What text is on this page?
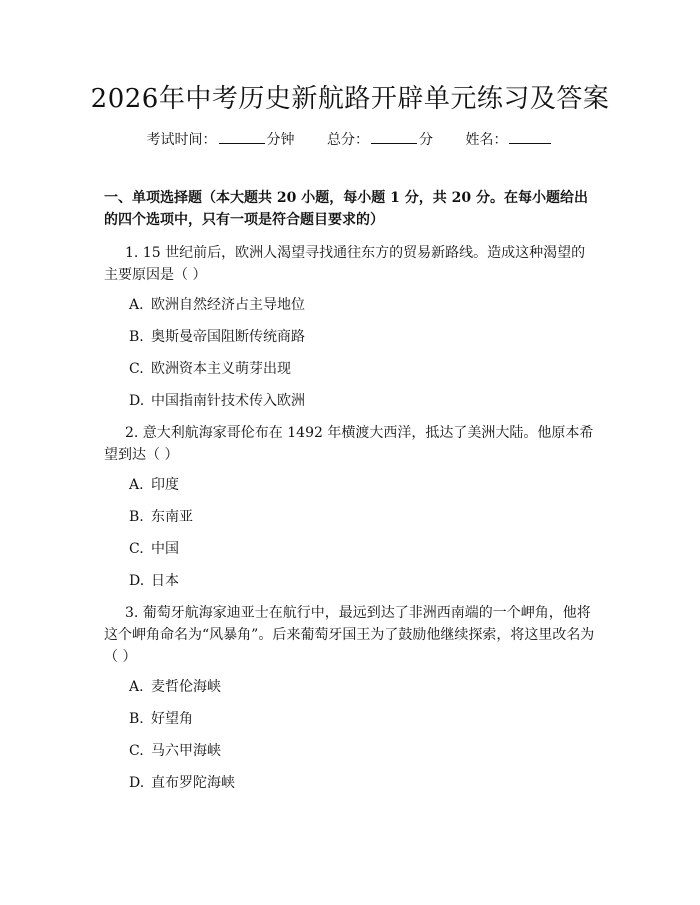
2026年中考历史新航路开辟单元练习及答案
考试时间：	分钟 总分：	分 姓名：

一、单项选择题（本大题共 20 小题，每小题 1 分，共 20 分。在每小题给出的四个选项中，只有一项是符合题目要求的）

1. 15 世纪前后，欧洲人渴望寻找通往东方的贸易新路线。造成这种渴望的主要原因是（ ）

A. 欧洲自然经济占主导地位

B. 奥斯曼帝国阻断传统商路

C. 欧洲资本主义萌芽出现

D. 中国指南针技术传入欧洲

2. 意大利航海家哥伦布在 1492 年横渡大西洋，抵达了美洲大陆。他原本希望到达（ ）

A. 印度

B. 东南亚

C. 中国

D. 日本

3. 葡萄牙航海家迪亚士在航行中，最远到达了非洲西南端的一个岬角，他将这个岬角命名为“风暴角”。后来葡萄牙国王为了鼓励他继续探索，将这里改名为（ ）

A. 麦哲伦海峡

B. 好望角

C. 马六甲海峡

D. 直布罗陀海峡
